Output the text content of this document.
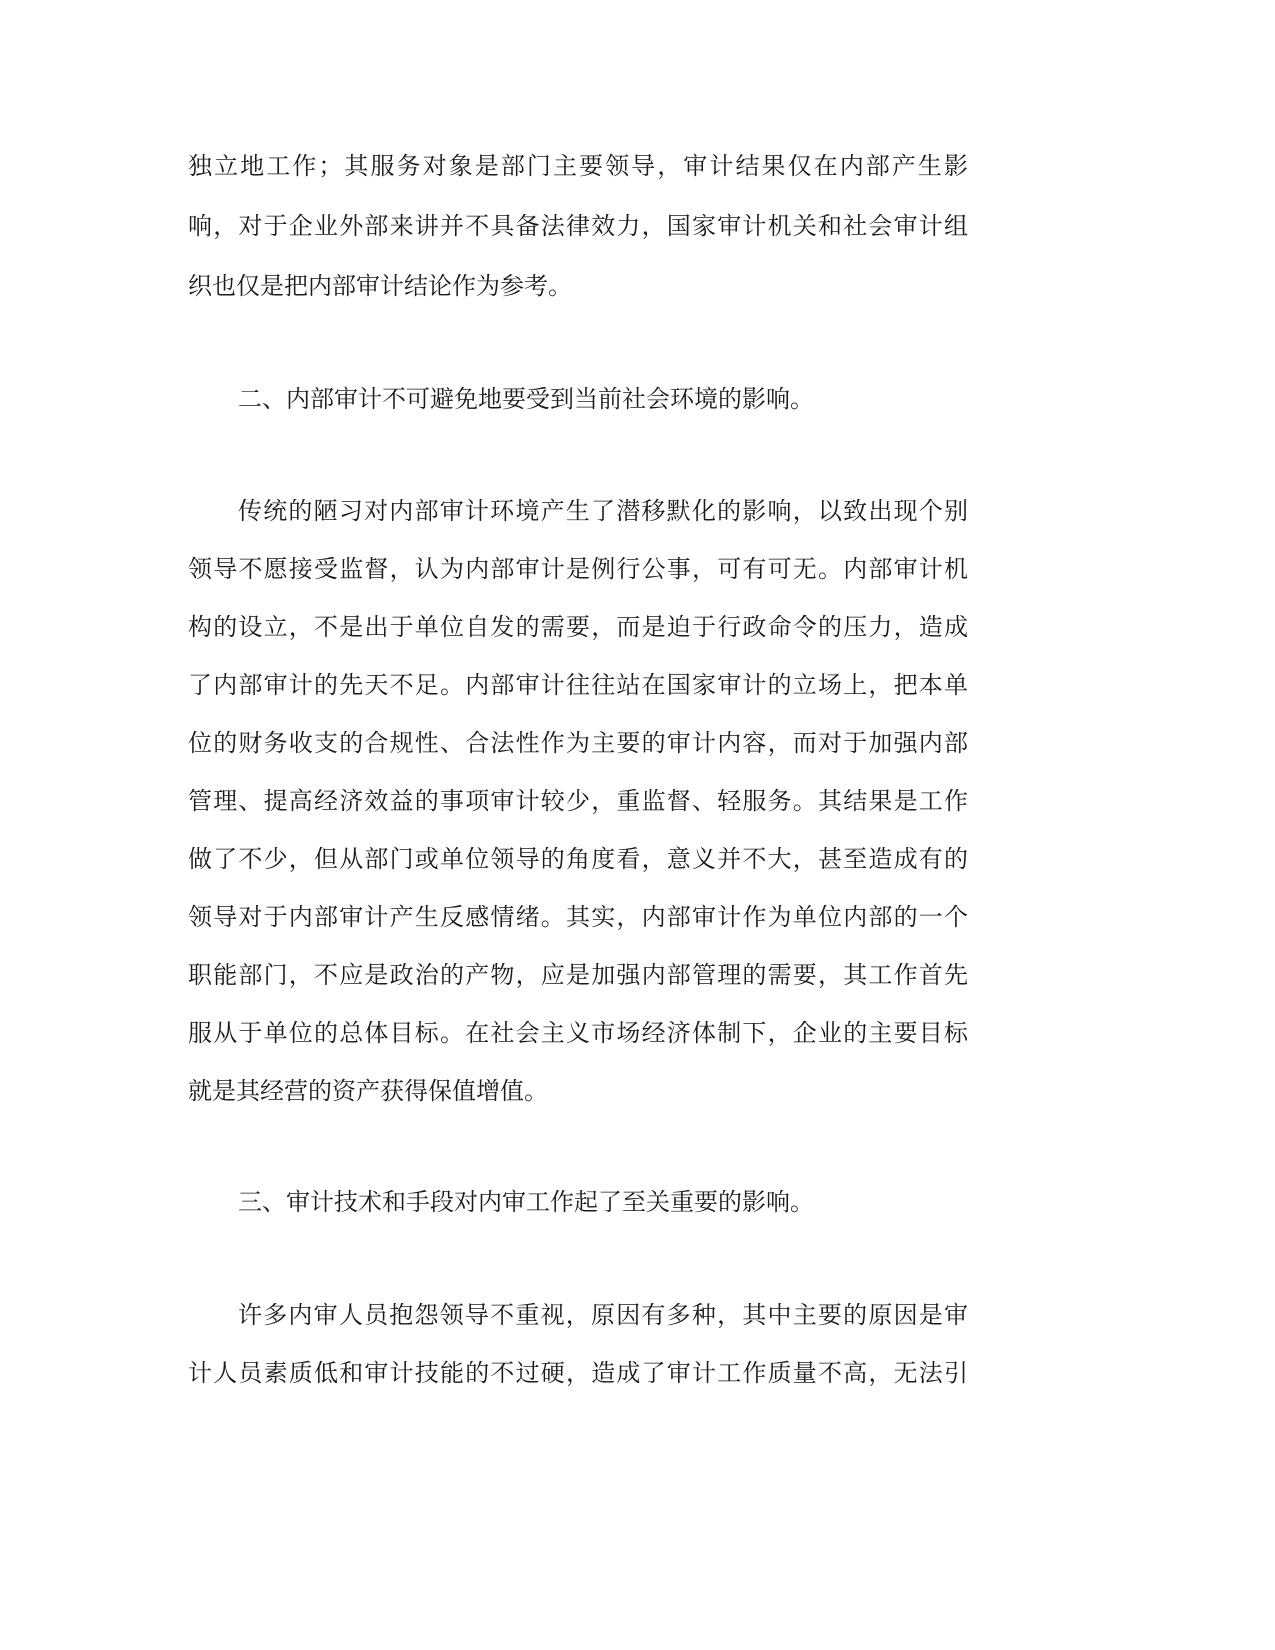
独立地工作；其服务对象是部门主要领导，审计结果仅在内部产生影
响，对于企业外部来讲并不具备法律效力，国家审计机关和社会审计组
织也仅是把内部审计结论作为参考。
二、内部审计不可避免地要受到当前社会环境的影响。
传统的陋习对内部审计环境产生了潜移默化的影响，以致出现个别
领导不愿接受监督，认为内部审计是例行公事，可有可无。内部审计机
构的设立，不是出于单位自发的需要，而是迫于行政命令的压力，造成
了内部审计的先天不足。内部审计往往站在国家审计的立场上，把本单
位的财务收支的合规性、合法性作为主要的审计内容，而对于加强内部
管理、提高经济效益的事项审计较少，重监督、轻服务。其结果是工作
做了不少，但从部门或单位领导的角度看，意义并不大，甚至造成有的
领导对于内部审计产生反感情绪。其实，内部审计作为单位内部的一个
职能部门，不应是政治的产物，应是加强内部管理的需要，其工作首先
服从于单位的总体目标。在社会主义市场经济体制下，企业的主要目标
就是其经营的资产获得保值增值。
三、审计技术和手段对内审工作起了至关重要的影响。
许多内审人员抱怨领导不重视，原因有多种，其中主要的原因是审
计人员素质低和审计技能的不过硬，造成了审计工作质量不高，无法引
